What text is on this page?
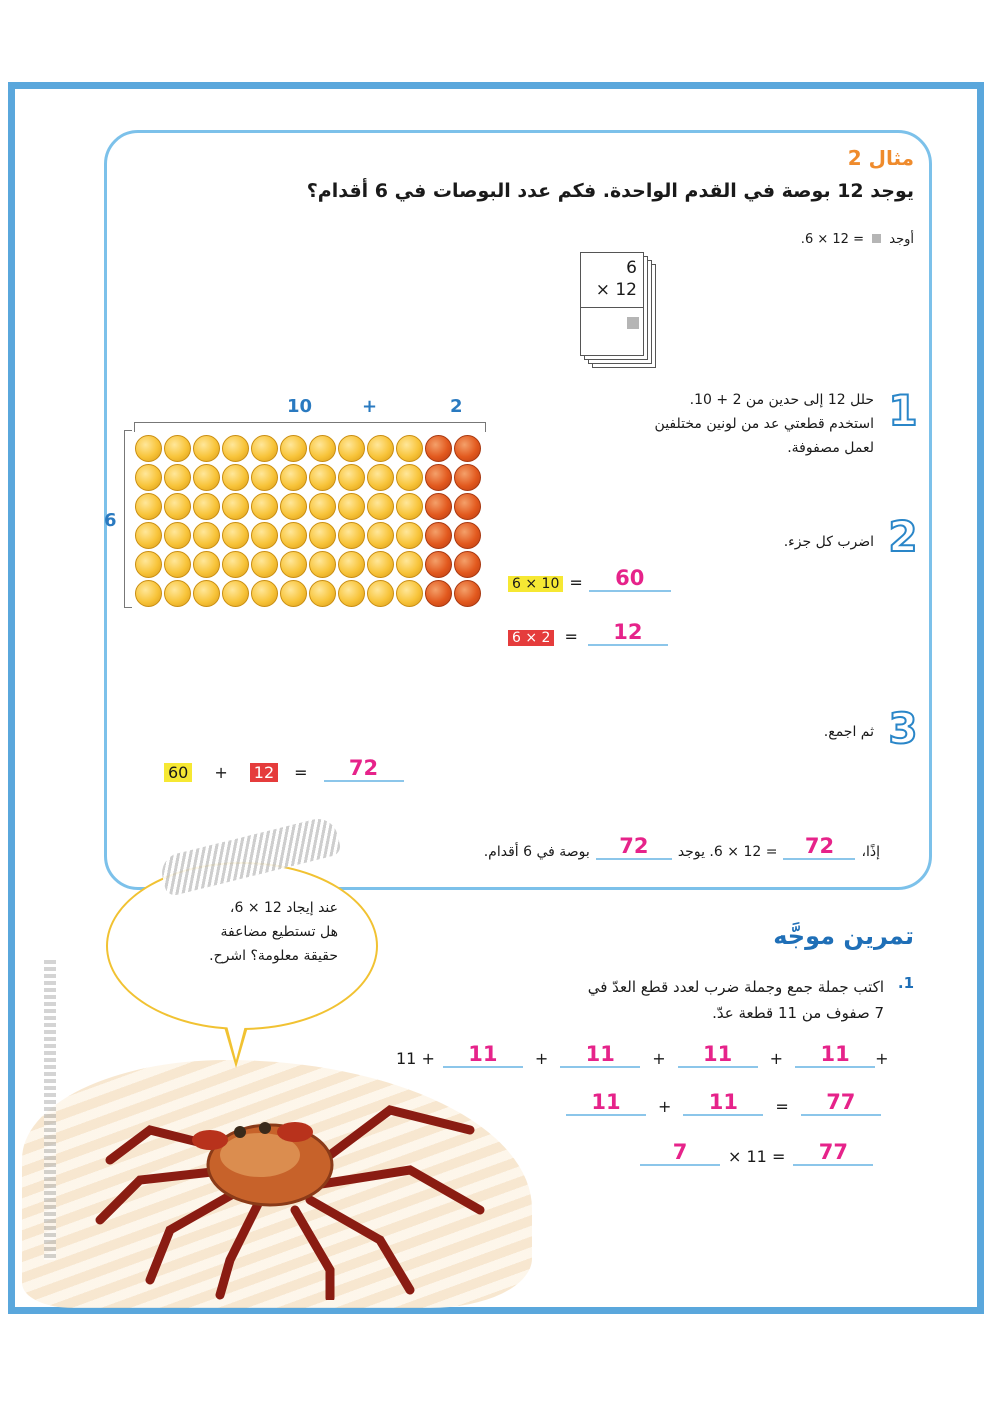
مثال 2
يوجد 12 بوصة في القدم الواحدة. فكم عدد البوصات في 6 أقدام؟
أوجد  = 12 × 6.
6
× 12
1
حلل 12 إلى حدين من 2 + 10.
استخدم قطعتي عد من لونين مختلفين
لعمل مصفوفة.
10	+	2
6	2
اضرب كل جزء.
6 × 10 =	60
6 × 2 =	12
3
ثم اجمع.
60 + 12 =	72
إذًا،
72
= 12 × 6. يوجد
72
بوصة في 6 أقدام.
عند إيجاد 12 × 6،
هل تستطيع مضاعفة
حقيقة معلومة؟ اشرح.
تمرين موجَّه
1.
اكتب جملة جمع وجملة ضرب لعدد قطع العدّ في
7 صفوف من 11 قطعة عدّ.
11 +	11	+	11	+	11	+	11	+
11	+	11	=	77
7	× 11 =	77
